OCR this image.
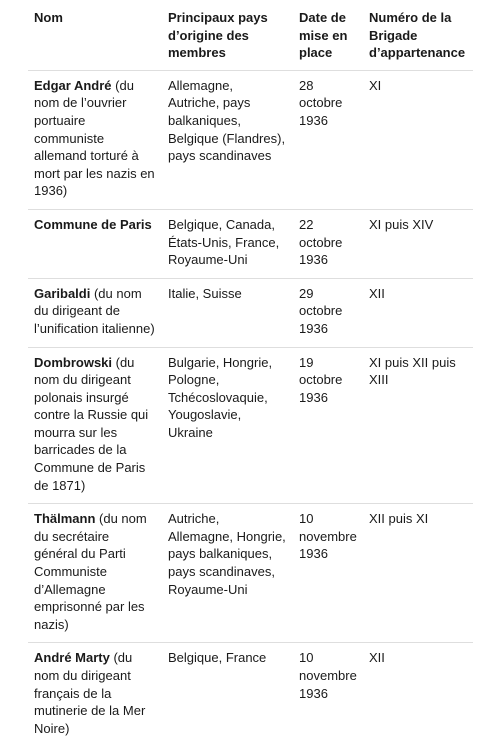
Nom	Principaux pays d’origine des membres	Date de mise en place	Numéro de la Brigade d’appartenance
Edgar André (du nom de l’ouvrier portuaire communiste allemand torturé à mort par les nazis en 1936)	Allemagne, Autriche, pays balkaniques, Belgique (Flandres), pays scandinaves	28 octobre 1936	XI
Commune de Paris	Belgique, Canada, États-Unis, France, Royaume-Uni	22 octobre 1936	XI puis XIV
Garibaldi (du nom du dirigeant de l’unification italienne)	Italie, Suisse	29 octobre 1936	XII
Dombrowski (du nom du dirigeant polonais insurgé contre la Russie qui mourra sur les barricades de la Commune de Paris de 1871)	Bulgarie, Hongrie, Pologne, Tchécoslovaquie, Yougoslavie, Ukraine	19 octobre 1936	XI puis XII puis XIII
Thälmann (du nom du secrétaire général du Parti Communiste d’Allemagne emprisonné par les nazis)	Autriche, Allemagne, Hongrie, pays balkaniques, pays scandinaves, Royaume-Uni	10 novembre 1936	XII puis XI
André Marty (du nom du dirigeant français de la mutinerie de la Mer Noire)	Belgique, France	10 novembre 1936	XII
